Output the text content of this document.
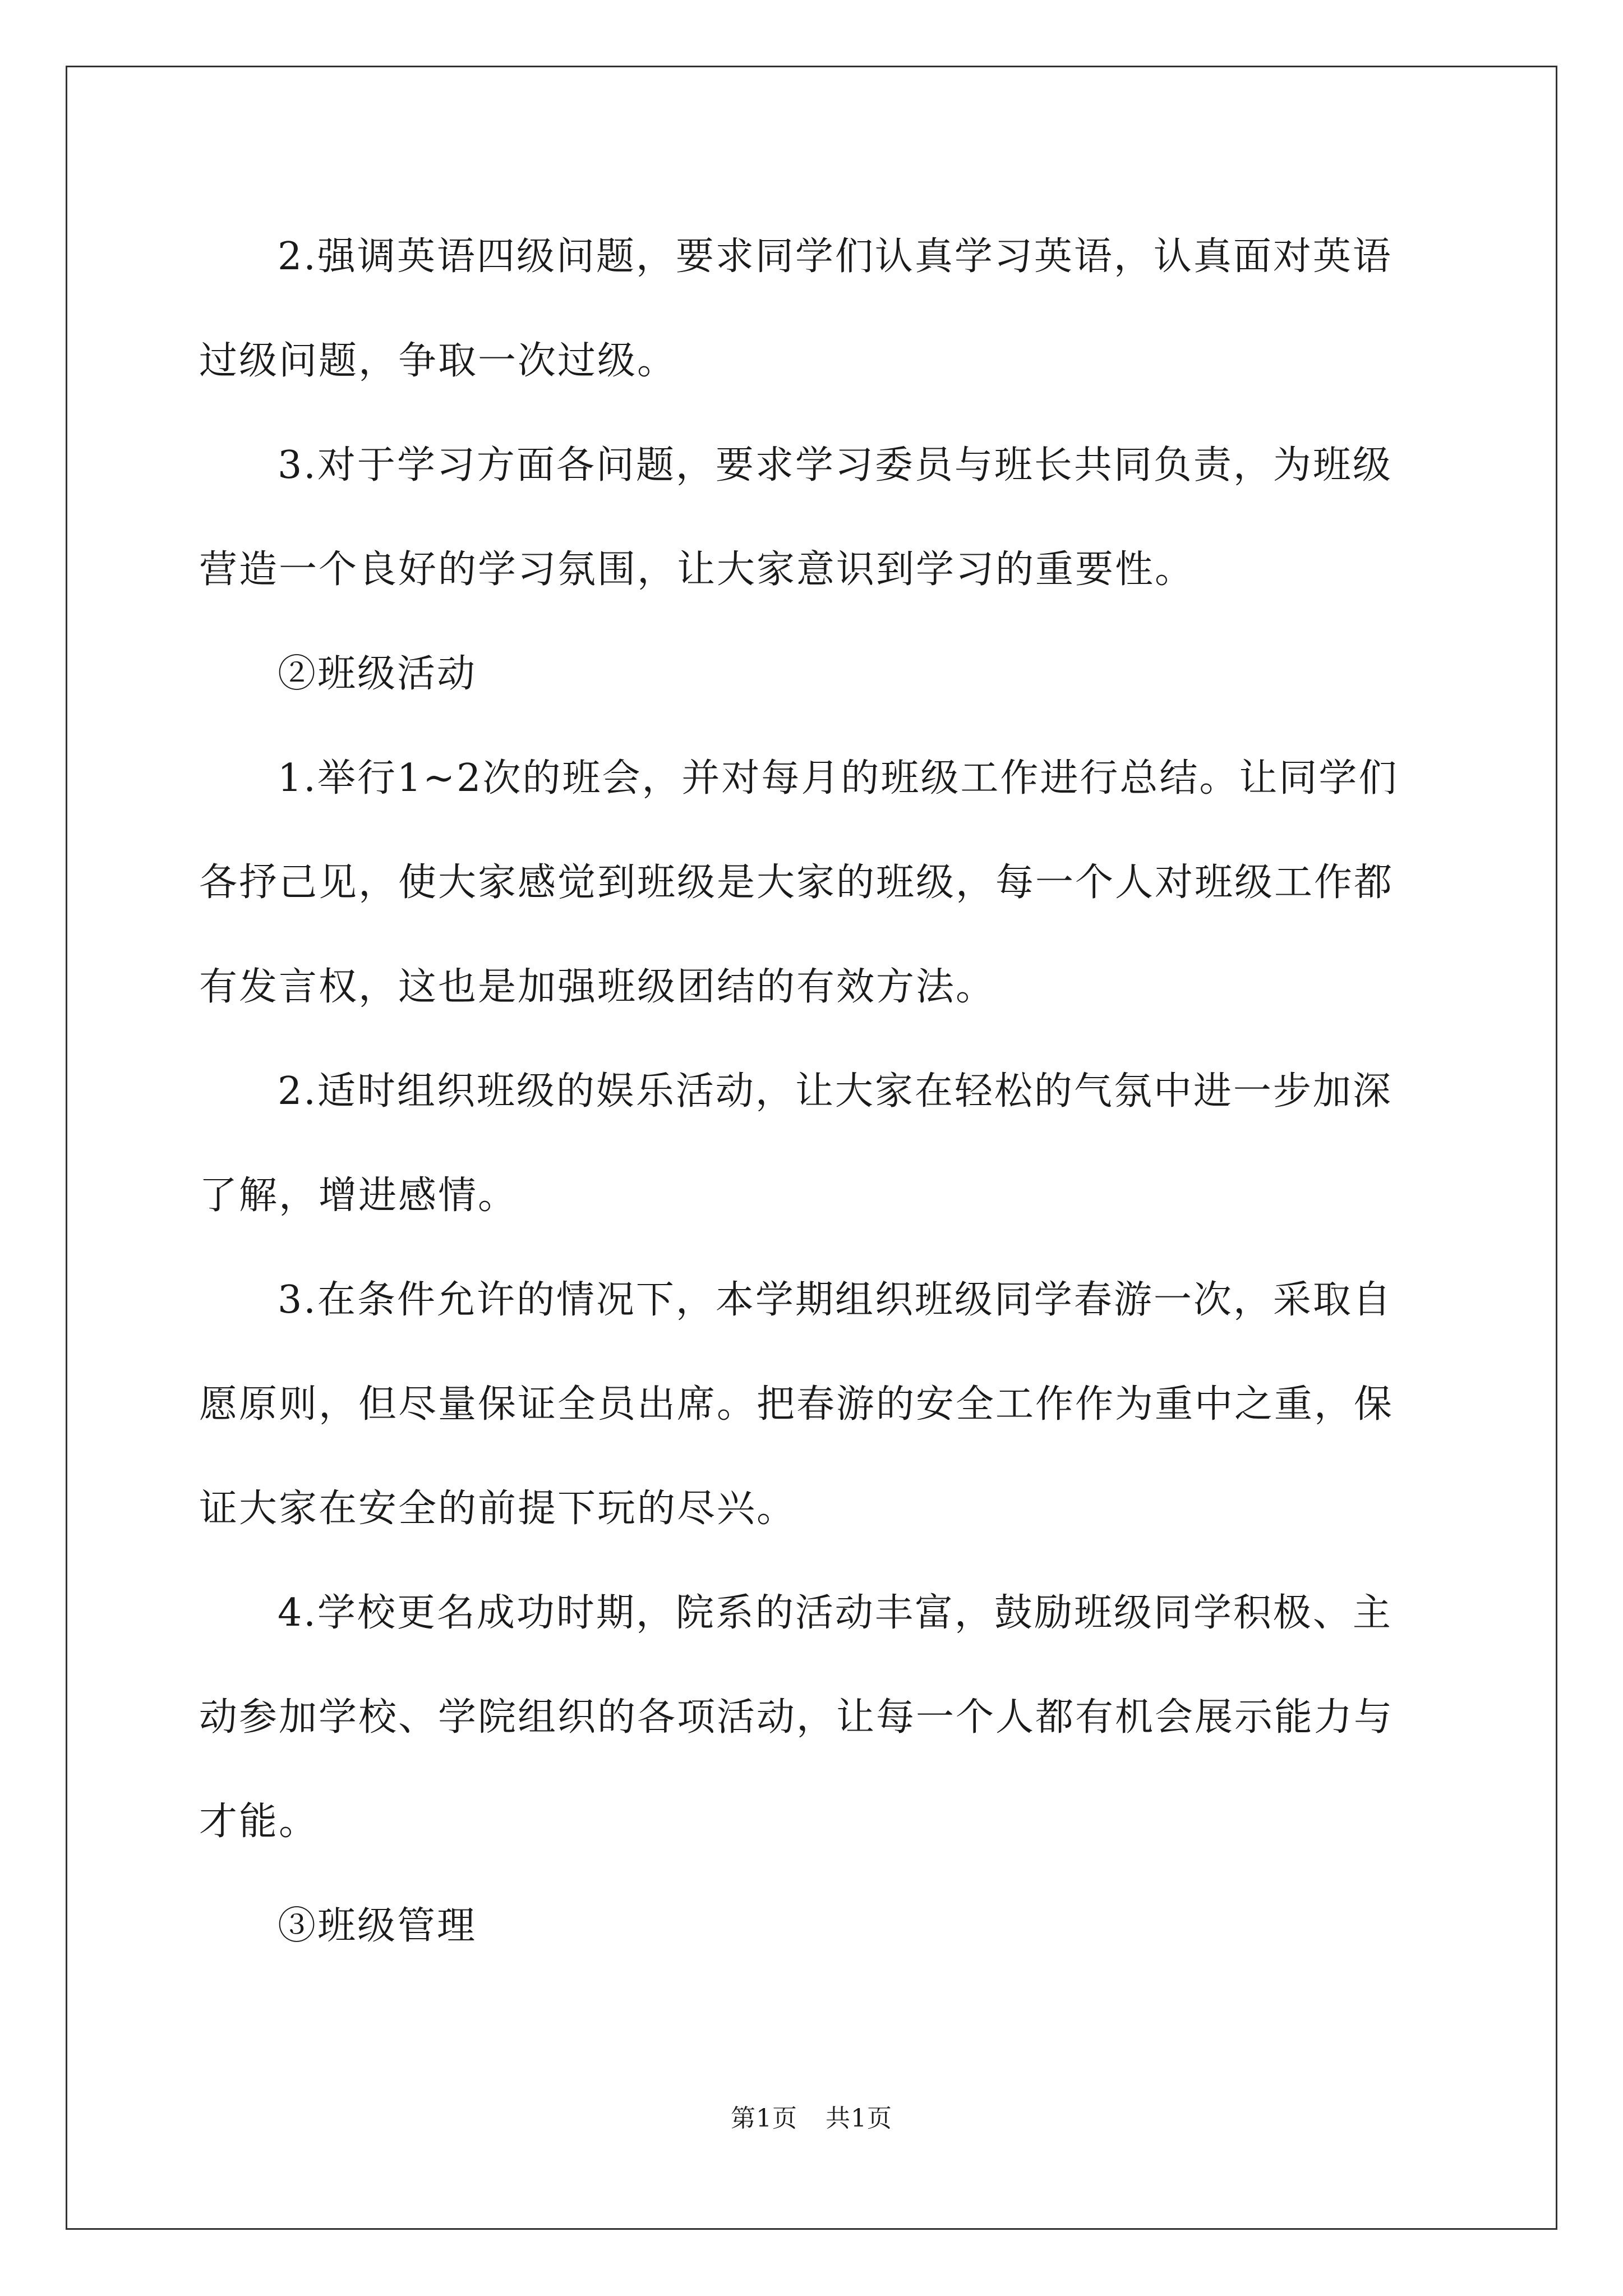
2.强调英语四级问题，要求同学们认真学习英语，认真面对英语过级问题，争取一次过级。

3.对于学习方面各问题，要求学习委员与班长共同负责，为班级营造一个良好的学习氛围，让大家意识到学习的重要性。

②班级活动

1.举行1~2次的班会，并对每月的班级工作进行总结。让同学们各抒己见，使大家感觉到班级是大家的班级，每一个人对班级工作都有发言权，这也是加强班级团结的有效方法。

2.适时组织班级的娱乐活动，让大家在轻松的气氛中进一步加深了解，增进感情。

3.在条件允许的情况下，本学期组织班级同学春游一次，采取自愿原则，但尽量保证全员出席。把春游的安全工作作为重中之重，保证大家在安全的前提下玩的尽兴。

4.学校更名成功时期，院系的活动丰富，鼓励班级同学积极、主动参加学校、学院组织的各项活动，让每一个人都有机会展示能力与才能。

③班级管理

第1页 共1页
